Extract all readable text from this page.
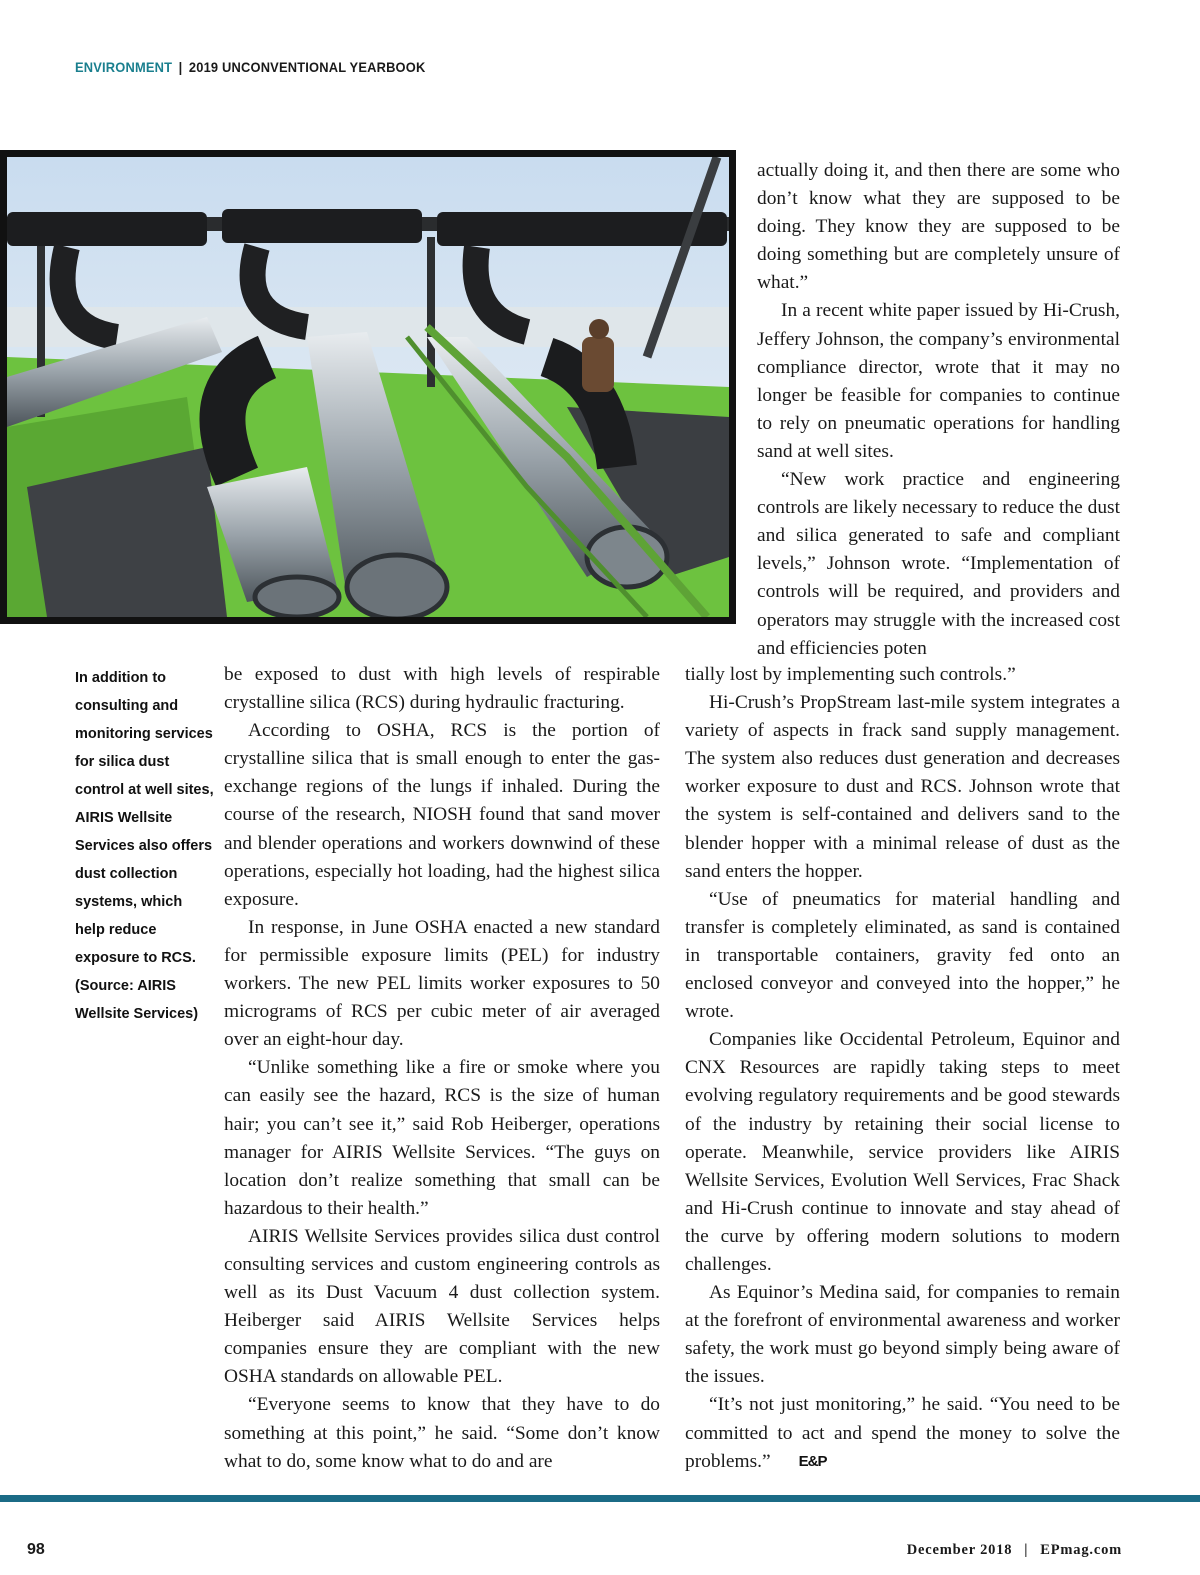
ENVIRONMENT | 2019 UNCONVENTIONAL YEARBOOK
In addition to consulting and monitoring services for silica dust control at well sites, AIRIS Wellsite Services also offers dust collection systems, which help reduce exposure to RCS. (Source: AIRIS Wellsite Services)

be exposed to dust with high levels of respirable crystalline silica (RCS) during hydraulic fracturing.

According to OSHA, RCS is the portion of crystalline silica that is small enough to enter the gas-exchange regions of the lungs if inhaled. During the course of the research, NIOSH found that sand mover and blender operations and workers downwind of these operations, especially hot loading, had the highest silica exposure.

In response, in June OSHA enacted a new standard for permissible exposure limits (PEL) for industry workers. The new PEL limits worker exposures to 50 micrograms of RCS per cubic meter of air averaged over an eight-hour day.

“Unlike something like a fire or smoke where you can easily see the hazard, RCS is the size of human hair; you can’t see it,” said Rob Heiberger, operations manager for AIRIS Wellsite Services. “The guys on location don’t realize something that small can be hazardous to their health.”

AIRIS Wellsite Services provides silica dust control consulting services and custom engineering controls as well as its Dust Vacuum 4 dust collection system. Heiberger said AIRIS Wellsite Services helps companies ensure they are compliant with the new OSHA standards on allowable PEL.

“Everyone seems to know that they have to do something at this point,” he said. “Some don’t know what to do, some know what to do and are

actually doing it, and then there are some who don’t know what they are supposed to be doing. They know they are supposed to be doing something but are completely unsure of what.”

In a recent white paper issued by Hi-Crush, Jeffery Johnson, the company’s environmental compliance director, wrote that it may no longer be feasible for companies to continue to rely on pneumatic operations for handling sand at well sites.

“New work practice and engineering controls are likely necessary to reduce the dust and silica generated to safe and compliant levels,” Johnson wrote. “Implementation of controls will be required, and providers and operators may struggle with the increased cost and efficiencies poten

tially lost by implementing such controls.”

Hi-Crush’s PropStream last-mile system integrates a variety of aspects in frack sand supply management. The system also reduces dust generation and decreases worker exposure to dust and RCS. Johnson wrote that the system is self-contained and delivers sand to the blender hopper with a minimal release of dust as the sand enters the hopper.

“Use of pneumatics for material handling and transfer is completely eliminated, as sand is contained in transportable containers, gravity fed onto an enclosed conveyor and conveyed into the hopper,” he wrote.

Companies like Occidental Petroleum, Equinor and CNX Resources are rapidly taking steps to meet evolving regulatory requirements and be good stewards of the industry by retaining their social license to operate. Meanwhile, service providers like AIRIS Wellsite Services, Evolution Well Services, Frac Shack and Hi-Crush continue to innovate and stay ahead of the curve by offering modern solutions to modern challenges.

As Equinor’s Medina said, for companies to remain at the forefront of environmental awareness and worker safety, the work must go beyond simply being aware of the issues.

“It’s not just monitoring,” he said. “You need to be committed to act and spend the money to solve the problems.” E&P

98	December 2018 | EPmag.com
